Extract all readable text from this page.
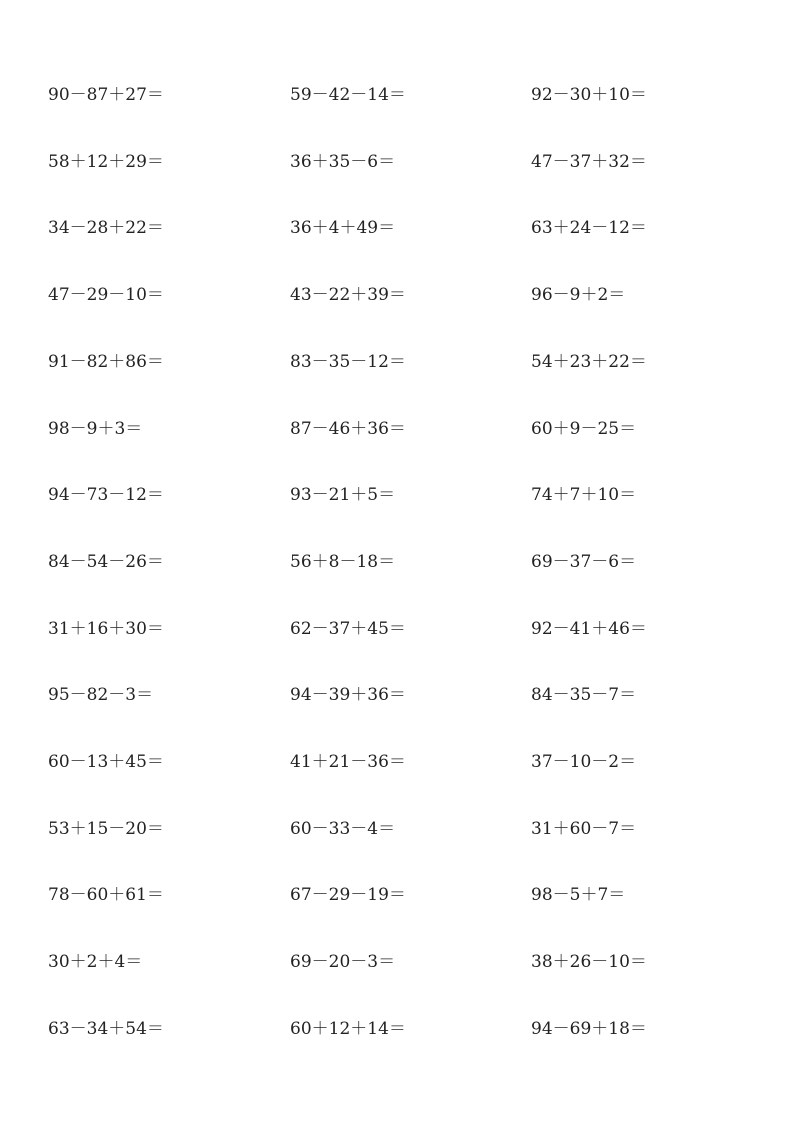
90－87＋27＝
58＋12＋29＝
34－28＋22＝
47－29－10＝
91－82＋86＝
98－9＋3＝
94－73－12＝
84－54－26＝
31＋16＋30＝
95－82－3＝
60－13＋45＝
53＋15－20＝
78－60＋61＝
30＋2＋4＝
63－34＋54＝
59－42－14＝
36＋35－6＝
36＋4＋49＝
43－22＋39＝
83－35－12＝
87－46＋36＝
93－21＋5＝
56＋8－18＝
62－37＋45＝
94－39＋36＝
41＋21－36＝
60－33－4＝
67－29－19＝
69－20－3＝
60＋12＋14＝
92－30＋10＝
47－37＋32＝
63＋24－12＝
96－9＋2＝
54＋23＋22＝
60＋9－25＝
74＋7＋10＝
69－37－6＝
92－41＋46＝
84－35－7＝
37－10－2＝
31＋60－7＝
98－5＋7＝
38＋26－10＝
94－69＋18＝
